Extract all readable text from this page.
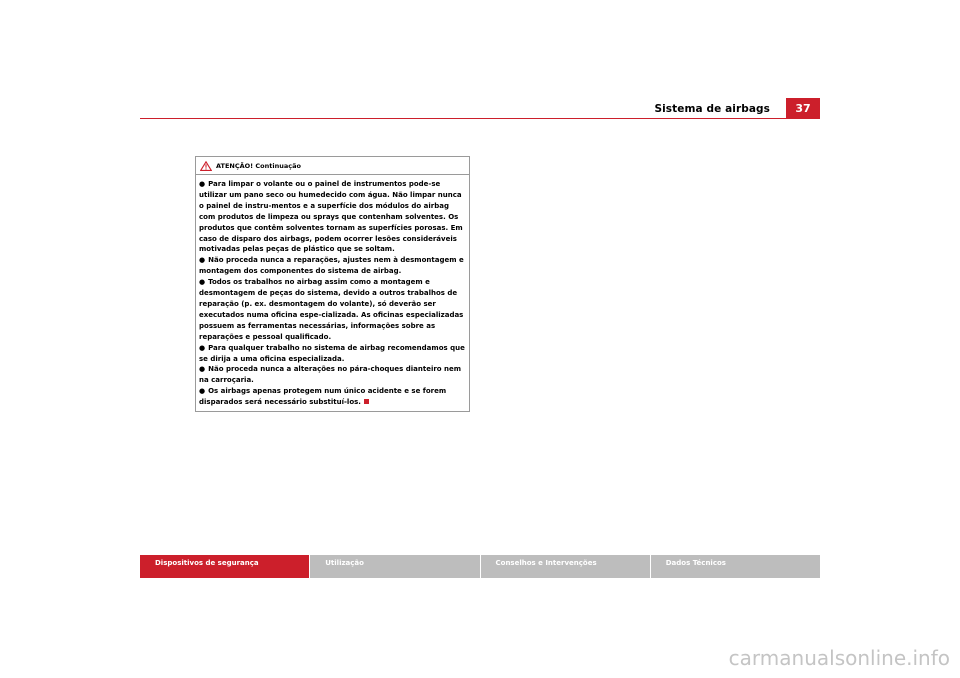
Sistema de airbags	37
ATENÇÃO! Continuação

● Para limpar o volante ou o painel de instrumentos pode-se utilizar um pano seco ou humedecido com água. Não limpar nunca o painel de instru-mentos e a superfície dos módulos do airbag com produtos de limpeza ou sprays que contenham solventes. Os produtos que contêm solventes tornam as superfícies porosas. Em caso de disparo dos airbags, podem ocorrer lesões consideráveis motivadas pelas peças de plástico que se soltam.

● Não proceda nunca a reparações, ajustes nem à desmontagem e montagem dos componentes do sistema de airbag.

● Todos os trabalhos no airbag assim como a montagem e desmontagem de peças do sistema, devido a outros trabalhos de reparação (p. ex. desmontagem do volante), só deverão ser executados numa oficina espe-cializada. As oficinas especializadas possuem as ferramentas necessárias, informações sobre as reparações e pessoal qualificado.

● Para qualquer trabalho no sistema de airbag recomendamos que se dirija a uma oficina especializada.

● Não proceda nunca a alterações no pára-choques dianteiro nem na carroçaria.

● Os airbags apenas protegem num único acidente e se forem disparados será necessário substituí-los.

Dispositivos de segurança	Utilização	Conselhos e Intervenções	Dados Técnicos
carmanualsonline.info
